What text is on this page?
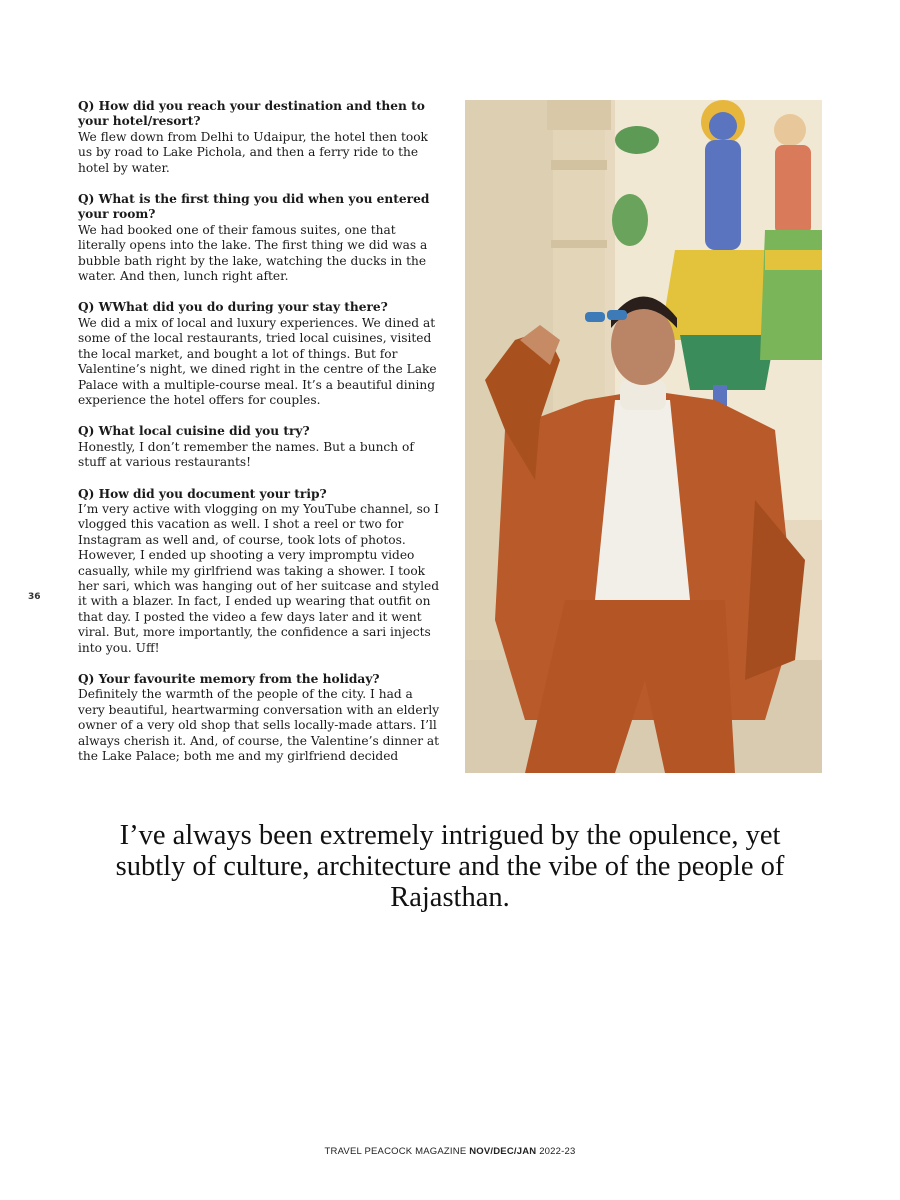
Q) How did you reach your destination and then to your hotel/resort?
We flew down from Delhi to Udaipur, the hotel then took us by road to Lake Pichola, and then a ferry ride to the hotel by water.
Q) What is the first thing you did when you entered your room?
We had booked one of their famous suites, one that literally opens into the lake. The first thing we did was a bubble bath right by the lake, watching the ducks in the water. And then, lunch right after.
Q) WWhat did you do during your stay there?
We did a mix of local and luxury experiences. We dined at some of the local restaurants, tried local cuisines, visited the local market, and bought a lot of things. But for Valentine’s night, we dined right in the centre of the Lake Palace with a multiple-course meal. It’s a beautiful dining experience the hotel offers for couples.
Q) What local cuisine did you try?
Honestly, I don’t remember the names. But a bunch of stuff at various restaurants!
Q) How did you document your trip?
I’m very active with vlogging on my YouTube channel, so I vlogged this vacation as well. I shot a reel or two for Instagram as well and, of course, took lots of photos. However, I ended up shooting a very impromptu video casually, while my girlfriend was taking a shower. I took her sari, which was hanging out of her suitcase and styled it with a blazer. In fact, I ended up wearing that outfit on that day. I posted the video a few days later and it went viral. But, more importantly, the confidence a sari injects into you. Uff!
Q) Your favourite memory from the holiday?
Definitely the warmth of the people of the city. I had a very beautiful, heartwarming conversation with an elderly owner of a very old shop that sells locally-made attars. I’ll always cherish it. And, of course, the Valentine’s dinner at the Lake Palace; both me and my girlfriend decided
36
I’ve always been extremely intrigued by the opulence, yet subtly of culture, architecture and the vibe of the people of Rajasthan.
TRAVEL PEACOCK MAGAZINE NOV/DEC/JAN 2022-23
